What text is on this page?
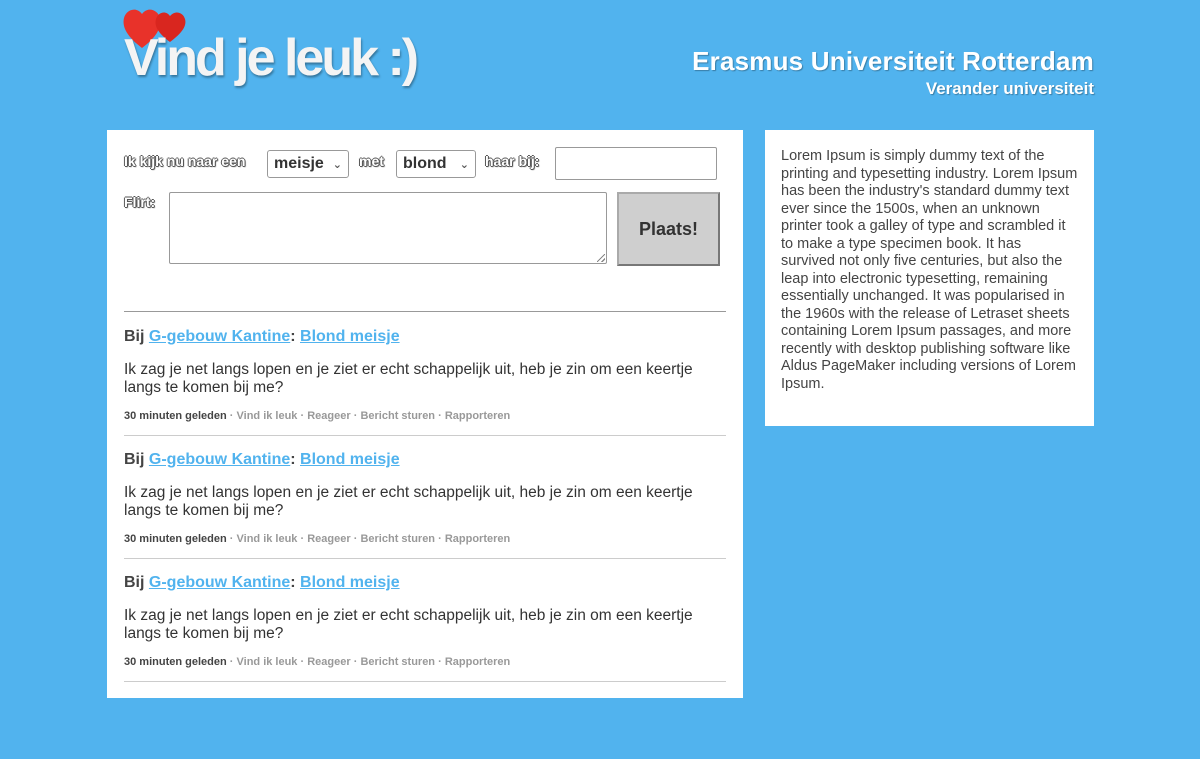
Vind je leuk :)	Erasmus Universiteit Rotterdam
Verander universiteit
Ik kijk nu naar een meisje ⌄ met blond ⌄ haar bij:
Flirt:
Plaats!
Bij G-gebouw Kantine: Blond meisje
Ik zag je net langs lopen en je ziet er echt schappelijk uit, heb je zin om een keertje langs te komen bij me?
30 minuten geleden · Vind ik leuk · Reageer · Bericht sturen · Rapporteren
Bij G-gebouw Kantine: Blond meisje
Ik zag je net langs lopen en je ziet er echt schappelijk uit, heb je zin om een keertje langs te komen bij me?
30 minuten geleden · Vind ik leuk · Reageer · Bericht sturen · Rapporteren
Bij G-gebouw Kantine: Blond meisje
Ik zag je net langs lopen en je ziet er echt schappelijk uit, heb je zin om een keertje langs te komen bij me?
30 minuten geleden · Vind ik leuk · Reageer · Bericht sturen · Rapporteren
Lorem Ipsum is simply dummy text of the printing and typesetting industry. Lorem Ipsum has been the industry's standard dummy text ever since the 1500s, when an unknown printer took a galley of type and scrambled it to make a type specimen book. It has survived not only five centuries, but also the leap into electronic typesetting, remaining essentially unchanged. It was popularised in the 1960s with the release of Letraset sheets containing Lorem Ipsum passages, and more recently with desktop publishing software like Aldus PageMaker including versions of Lorem Ipsum.
